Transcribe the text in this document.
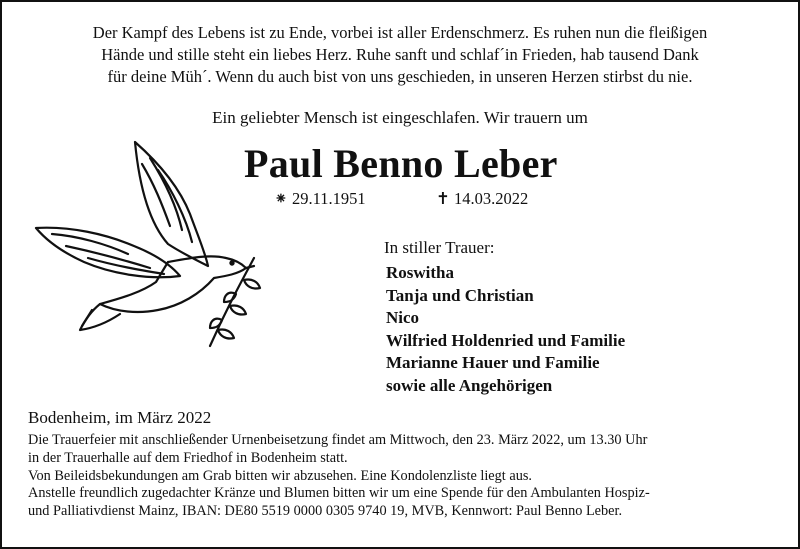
Der Kampf des Lebens ist zu Ende, vorbei ist aller Erdenschmerz. Es ruhen nun die fleißigen
Hände und stille steht ein liebes Herz. Ruhe sanft und schlaf´in Frieden, hab tausend Dank
für deine Müh´. Wenn du auch bist von uns geschieden, in unseren Herzen stirbst du nie.
Ein geliebter Mensch ist eingeschlafen. Wir trauern um
Paul Benno Leber
⁕ 29.11.1951	✝ 14.03.2022
In stiller Trauer:
Roswitha
Tanja und Christian
Nico
Wilfried Holdenried und Familie
Marianne Hauer und Familie
sowie alle Angehörigen
Bodenheim, im März 2022
Die Trauerfeier mit anschließender Urnenbeisetzung findet am Mittwoch, den 23. März 2022, um 13.30 Uhr
in der Trauerhalle auf dem Friedhof in Bodenheim statt.
Von Beileidsbekundungen am Grab bitten wir abzusehen. Eine Kondolenzliste liegt aus.
Anstelle freundlich zugedachter Kränze und Blumen bitten wir um eine Spende für den Ambulanten Hospiz-
und Palliativdienst Mainz, IBAN: DE80 5519 0000 0305 9740 19, MVB, Kennwort: Paul Benno Leber.
